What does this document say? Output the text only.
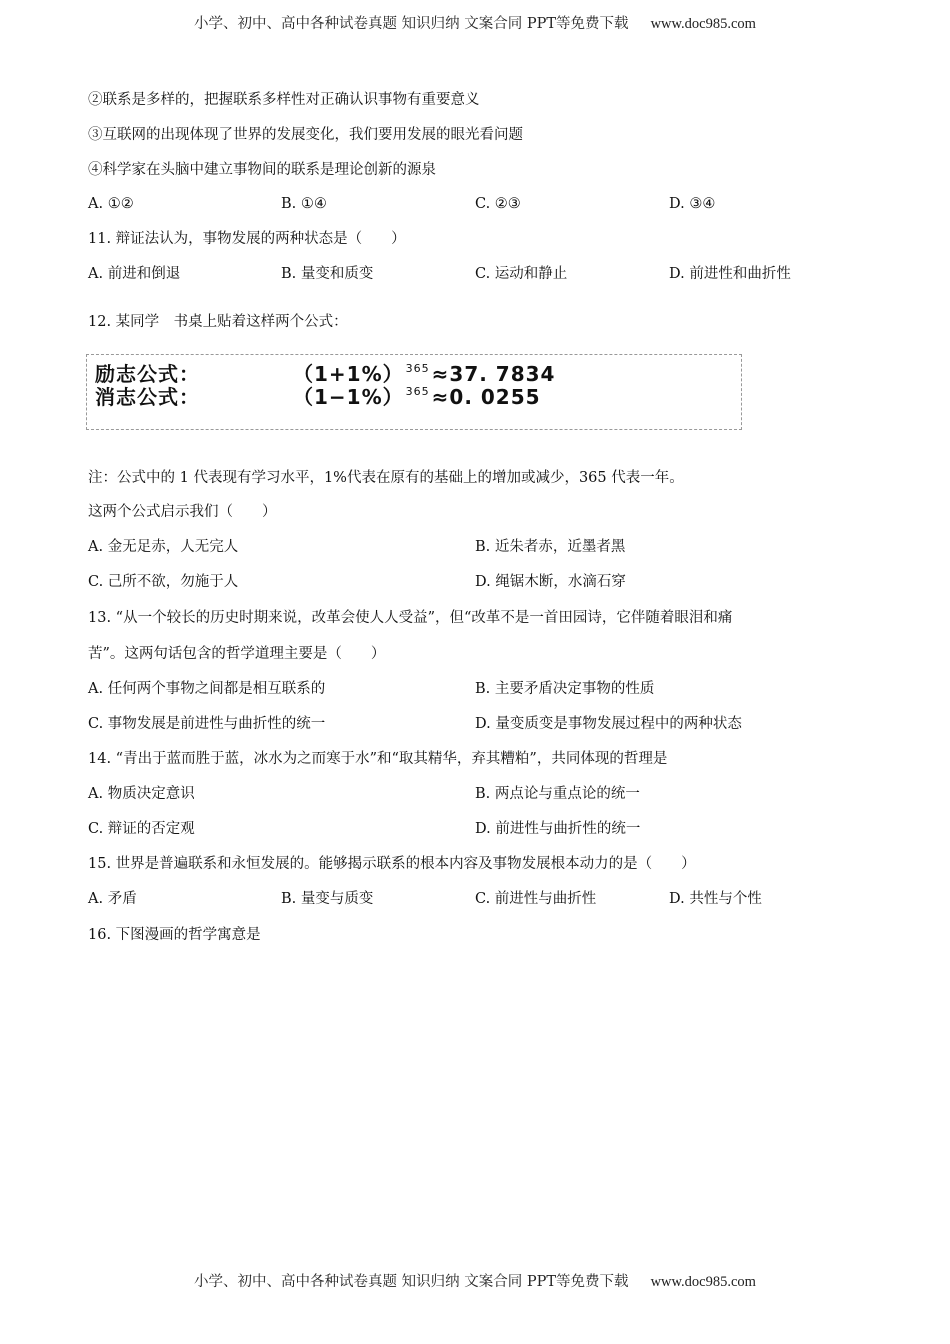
小学、初中、高中各种试卷真题 知识归纳 文案合同 PPT等免费下载 www.doc985.com
②联系是多样的，把握联系多样性对正确认识事物有重要意义
③互联网的出现体现了世界的发展变化，我们要用发展的眼光看问题
④科学家在头脑中建立事物间的联系是理论创新的源泉
A. ①②	B. ①④	C. ②③	D. ③④
11. 辩证法认为，事物发展的两种状态是（　　）
A. 前进和倒退	B. 量变和质变	C. 运动和静止	D. 前进性和曲折性
12. 某同学　书桌上贴着这样两个公式：
励志公式：	（1+1%） $^{365}$ ≈37. 7834
消志公式：	（1−1%） $^{365}$ ≈0. 0255
注：公式中的 1 代表现有学习水平，1%代表在原有的基础上的增加或减少，365 代表一年。
这两个公式启示我们（　　）
A. 金无足赤，人无完人	B. 近朱者赤，近墨者黑
C. 己所不欲，勿施于人	D. 绳锯木断，水滴石穿
13. “从一个较长的历史时期来说，改革会使人人受益”，但“改革不是一首田园诗，它伴随着眼泪和痛
苦”。这两句话包含的哲学道理主要是（　　）
A. 任何两个事物之间都是相互联系的	B. 主要矛盾决定事物的性质
C. 事物发展是前进性与曲折性的统一	D. 量变质变是事物发展过程中的两种状态
14. “青出于蓝而胜于蓝，冰水为之而寒于水”和“取其精华，弃其糟粕”，共同体现的哲理是
A. 物质决定意识	B. 两点论与重点论的统一
C. 辩证的否定观	D. 前进性与曲折性的统一
15. 世界是普遍联系和永恒发展的。能够揭示联系的根本内容及事物发展根本动力的是（　　）
A. 矛盾	B. 量变与质变	C. 前进性与曲折性	D. 共性与个性
16. 下图漫画的哲学寓意是
小学、初中、高中各种试卷真题 知识归纳 文案合同 PPT等免费下载 www.doc985.com
